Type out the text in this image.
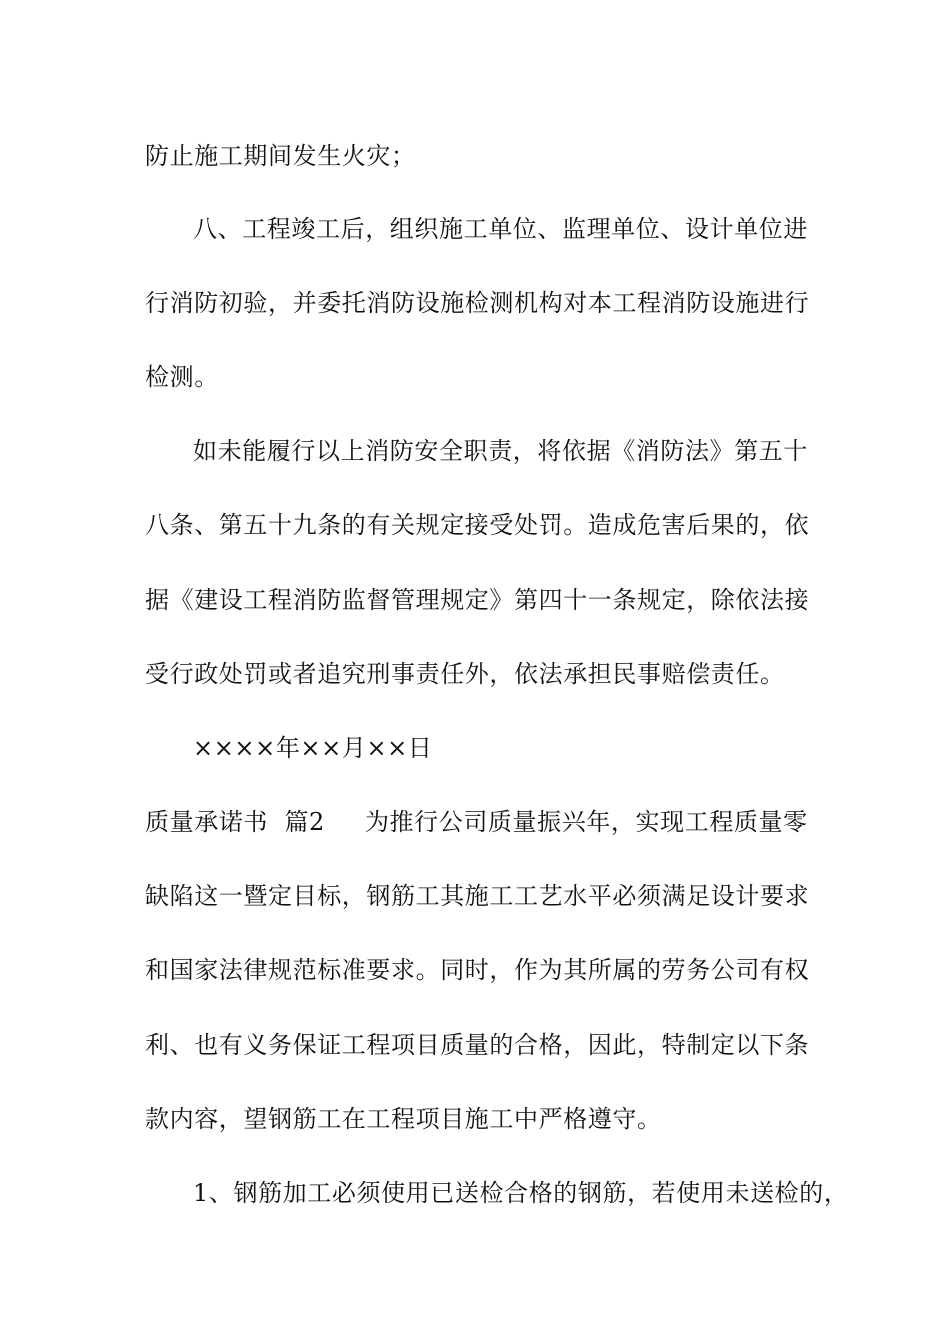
防止施工期间发生火灾；
八、工程竣工后，组织施工单位、监理单位、设计单位进
行消防初验，并委托消防设施检测机构对本工程消防设施进行
检测。
如未能履行以上消防安全职责，将依据《消防法》第五十
八条、第五十九条的有关规定接受处罚。造成危害后果的，依
据《建设工程消防监督管理规定》第四十一条规定，除依法接
受行政处罚或者追究刑事责任外，依法承担民事赔偿责任。
××××年××月××日
质量承诺书  篇2 为推行公司质量振兴年，实现工程质量零
缺陷这一暨定目标，钢筋工其施工工艺水平必须满足设计要求
和国家法律规范标准要求。同时，作为其所属的劳务公司有权
利、也有义务保证工程项目质量的合格，因此，特制定以下条
款内容，望钢筋工在工程项目施工中严格遵守。
1、钢筋加工必须使用已送检合格的钢筋，若使用未送检的，
